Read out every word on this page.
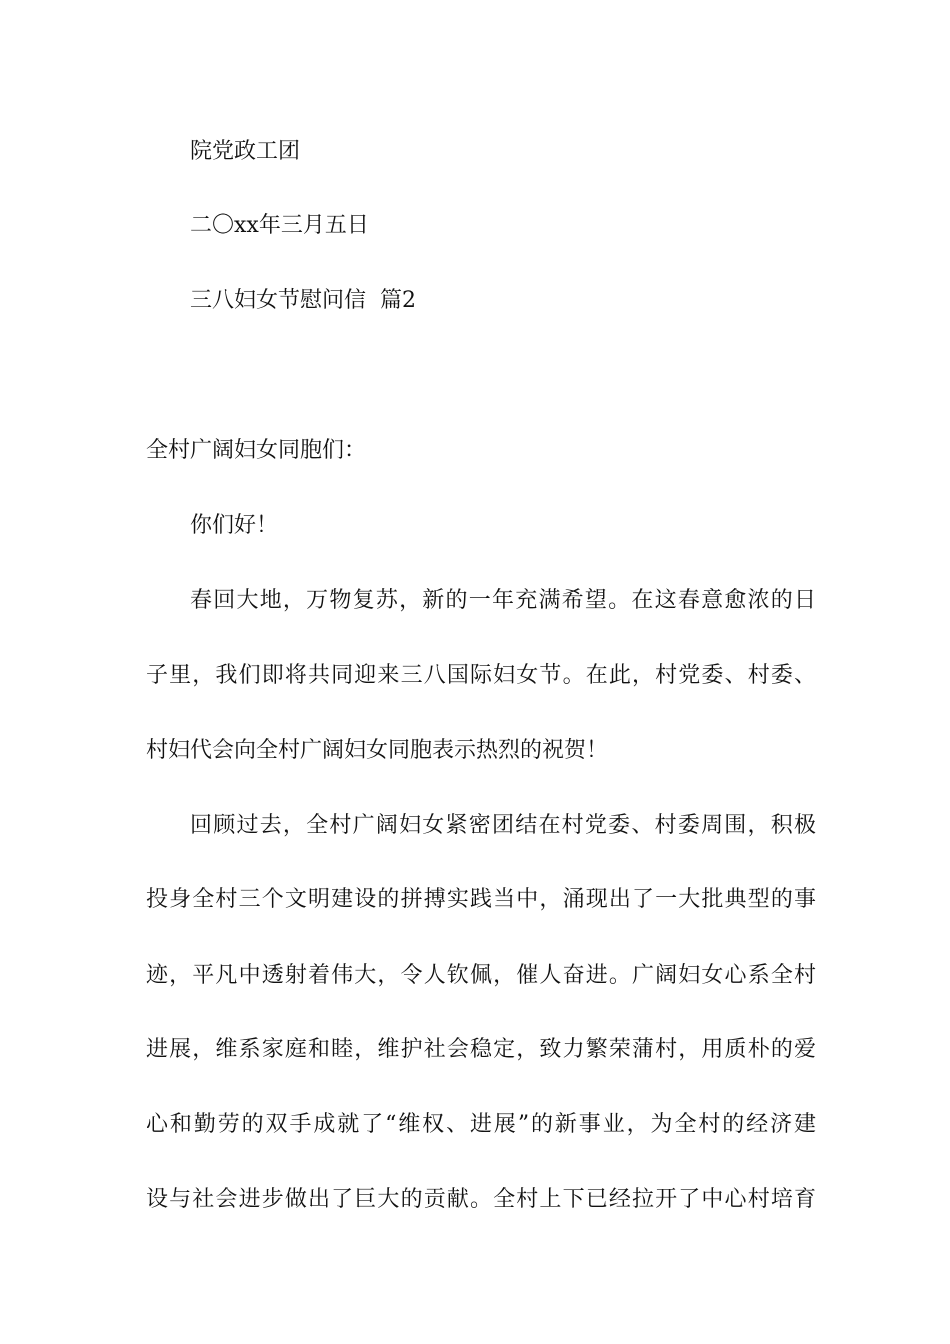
院党政工团
二〇xx年三月五日
三八妇女节慰问信  篇2
全村广阔妇女同胞们：
你们好！
春回大地，万物复苏，新的一年充满希望。在这春意愈浓的日
子里，我们即将共同迎来三八国际妇女节。在此，村党委、村委、
村妇代会向全村广阔妇女同胞表示热烈的祝贺！
回顾过去，全村广阔妇女紧密团结在村党委、村委周围，积极
投身全村三个文明建设的拼搏实践当中，涌现出了一大批典型的事
迹，平凡中透射着伟大，令人钦佩，催人奋进。广阔妇女心系全村
进展，维系家庭和睦，维护社会稳定，致力繁荣蒲村，用质朴的爱
心和勤劳的双手成就了“维权、进展”的新事业，为全村的经济建
设与社会进步做出了巨大的贡献。全村上下已经拉开了中心村培育
